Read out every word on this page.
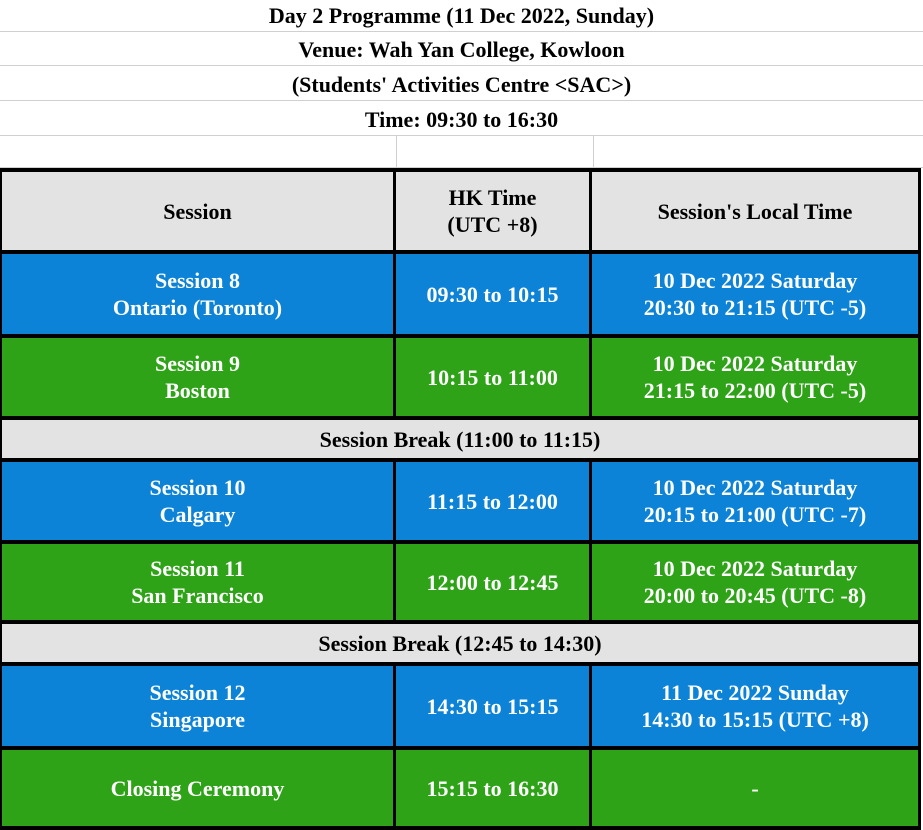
Day 2 Programme (11 Dec 2022, Sunday)
Venue: Wah Yan College, Kowloon
(Students' Activities Centre <SAC>)
Time: 09:30 to 16:30
Session
HK Time
(UTC +8)
Session's Local Time
Session 8
Ontario (Toronto)
09:30 to 10:15
10 Dec 2022 Saturday
20:30 to 21:15 (UTC -5)
Session 9
Boston
10:15 to 11:00
10 Dec 2022 Saturday
21:15 to 22:00 (UTC -5)
Session Break (11:00 to 11:15)
Session 10
Calgary
11:15 to 12:00
10 Dec 2022 Saturday
20:15 to 21:00 (UTC -7)
Session 11
San Francisco
12:00 to 12:45
10 Dec 2022 Saturday
20:00 to 20:45 (UTC -8)
Session Break (12:45 to 14:30)
Session 12
Singapore
14:30 to 15:15
11 Dec 2022 Sunday
14:30 to 15:15 (UTC +8)
Closing Ceremony	15:15 to 16:30	-
